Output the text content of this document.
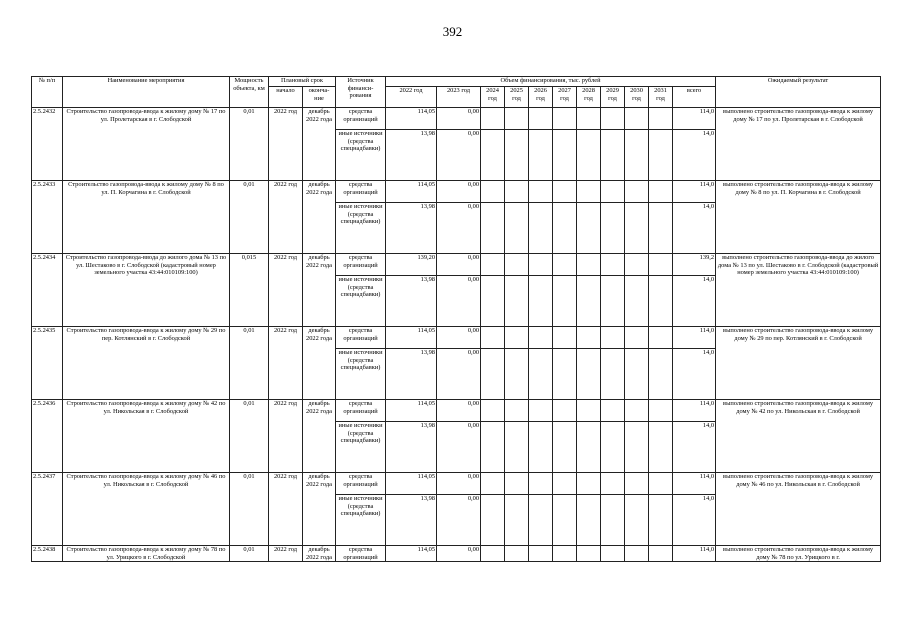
392
№ п/п	Наименование мероприятия	Мощность объекта, км	Плановый срок		Источник финанси-рования	Объем финансирования, тыс. рублей											Ожидаемый результат
			начало	оконча-ние		2022 год	2023 год	2024 год	2025 год	2026 год	2027 год	2028 год	2029 год	2030 год	2031 год	всего	
2.5.2432	Строительство газопровода-ввода к жилому дому № 17 по ул. Пролетарская в г. Слободской	0,01	2022 год	декабрь 2022 года	средства организаций	114,05	0,00									114,0	выполнено строительство газопровода-ввода к жилому дому № 17 по ул. Пролетарская в г. Слободской
					иные источники (средства спецнадбавки)	13,98	0,00									14,0	
2.5.2433	Строительство газопровода-ввода к жилому дому № 8 по ул. П. Корчагина в г. Слободской	0,01	2022 год	декабрь 2022 года	средства организаций	114,05	0,00									114,0	выполнено строительство газопровода-ввода к жилому дому № 8 по ул. П. Корчагина в г. Слободской
					иные источники (средства спецнадбавки)	13,98	0,00									14,0	
2.5.2434	Строительство газопровода-ввода до жилого дома № 13 по ул. Шестаково в г. Слободской (кадастровый номер земельного участка 43:44:010109:100)	0,015	2022 год	декабрь 2022 года	средства организаций	139,20	0,00									139,2	выполнено строительство газопровода-ввода до жилого дома № 13 по ул. Шестаково в г. Слободской (кадастровый номер земельного участка 43:44:010109:100)
					иные источники (средства спецнадбавки)	13,98	0,00									14,0	
2.5.2435	Строительство газопровода-ввода к жилому дому № 29 по пер. Котлянский в г. Слободской	0,01	2022 год	декабрь 2022 года	средства организаций	114,05	0,00									114,0	выполнено строительство газопровода-ввода к жилому дому № 29 по пер. Котлянский в г. Слободской
					иные источники (средства спецнадбавки)	13,98	0,00									14,0	
2.5.2436	Строительство газопровода-ввода к жилому дому № 42 по ул. Никольская в г. Слободской	0,01	2022 год	декабрь 2022 года	средства организаций	114,05	0,00									114,0	выполнено строительство газопровода-ввода к жилому дому № 42 по ул. Никольская в г. Слободской
					иные источники (средства спецнадбавки)	13,98	0,00									14,0	
2.5.2437	Строительство газопровода-ввода к жилому дому № 46 по ул. Никольская в г. Слободской	0,01	2022 год	декабрь 2022 года	средства организаций	114,05	0,00									114,0	выполнено строительство газопровода-ввода к жилому дому № 46 по ул. Никольская в г. Слободской
					иные источники (средства спецнадбавки)	13,98	0,00									14,0	
2.5.2438	Строительство газопровода-ввода к жилому дому № 78 по ул. Урицкого в г. Слободской	0,01	2022 год	декабрь 2022 года	средства организаций	114,05	0,00									114,0	выполнено строительство газопровода-ввода к жилому дому № 78 по ул. Урицкого в г.
